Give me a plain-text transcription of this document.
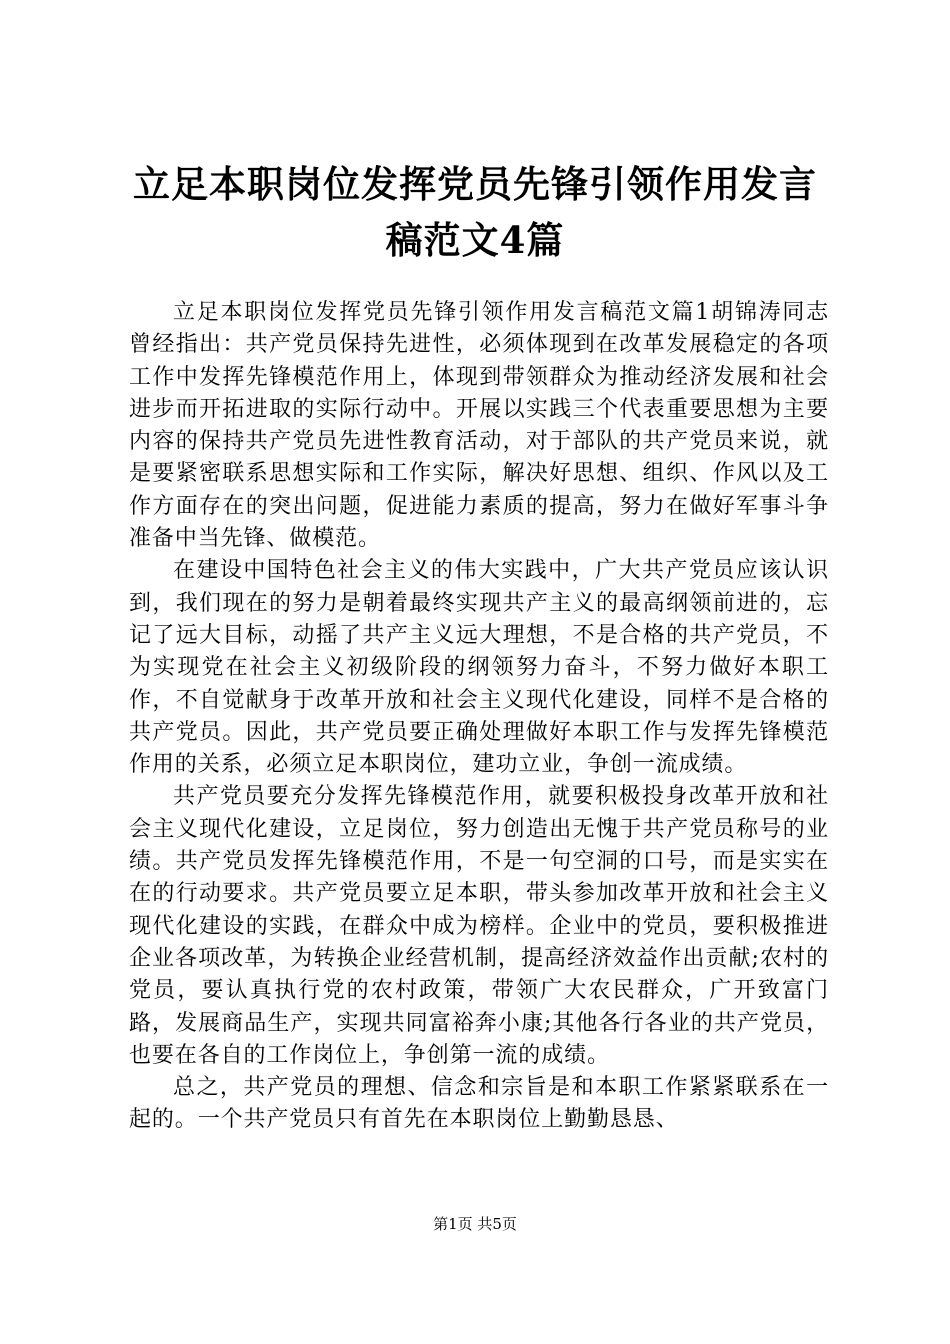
立足本职岗位发挥党员先锋引领作用发言稿范文4篇

立足本职岗位发挥党员先锋引领作用发言稿范文篇1胡锦涛同志曾经指出：共产党员保持先进性，必须体现到在改革发展稳定的各项工作中发挥先锋模范作用上，体现到带领群众为推动经济发展和社会进步而开拓进取的实际行动中。开展以实践三个代表重要思想为主要内容的保持共产党员先进性教育活动，对于部队的共产党员来说，就是要紧密联系思想实际和工作实际，解决好思想、组织、作风以及工作方面存在的突出问题，促进能力素质的提高，努力在做好军事斗争准备中当先锋、做模范。

在建设中国特色社会主义的伟大实践中，广大共产党员应该认识到，我们现在的努力是朝着最终实现共产主义的最高纲领前进的，忘记了远大目标，动摇了共产主义远大理想，不是合格的共产党员，不为实现党在社会主义初级阶段的纲领努力奋斗，不努力做好本职工作，不自觉献身于改革开放和社会主义现代化建设，同样不是合格的共产党员。因此，共产党员要正确处理做好本职工作与发挥先锋模范作用的关系，必须立足本职岗位，建功立业，争创一流成绩。

共产党员要充分发挥先锋模范作用，就要积极投身改革开放和社会主义现代化建设，立足岗位，努力创造出无愧于共产党员称号的业绩。共产党员发挥先锋模范作用，不是一句空洞的口号，而是实实在在的行动要求。共产党员要立足本职，带头参加改革开放和社会主义现代化建设的实践，在群众中成为榜样。企业中的党员，要积极推进企业各项改革，为转换企业经营机制，提高经济效益作出贡献;农村的党员，要认真执行党的农村政策，带领广大农民群众，广开致富门路，发展商品生产，实现共同富裕奔小康;其他各行各业的共产党员，也要在各自的工作岗位上，争创第一流的成绩。

总之，共产党员的理想、信念和宗旨是和本职工作紧紧联系在一起的。一个共产党员只有首先在本职岗位上勤勤恳恳、

第1页 共5页
